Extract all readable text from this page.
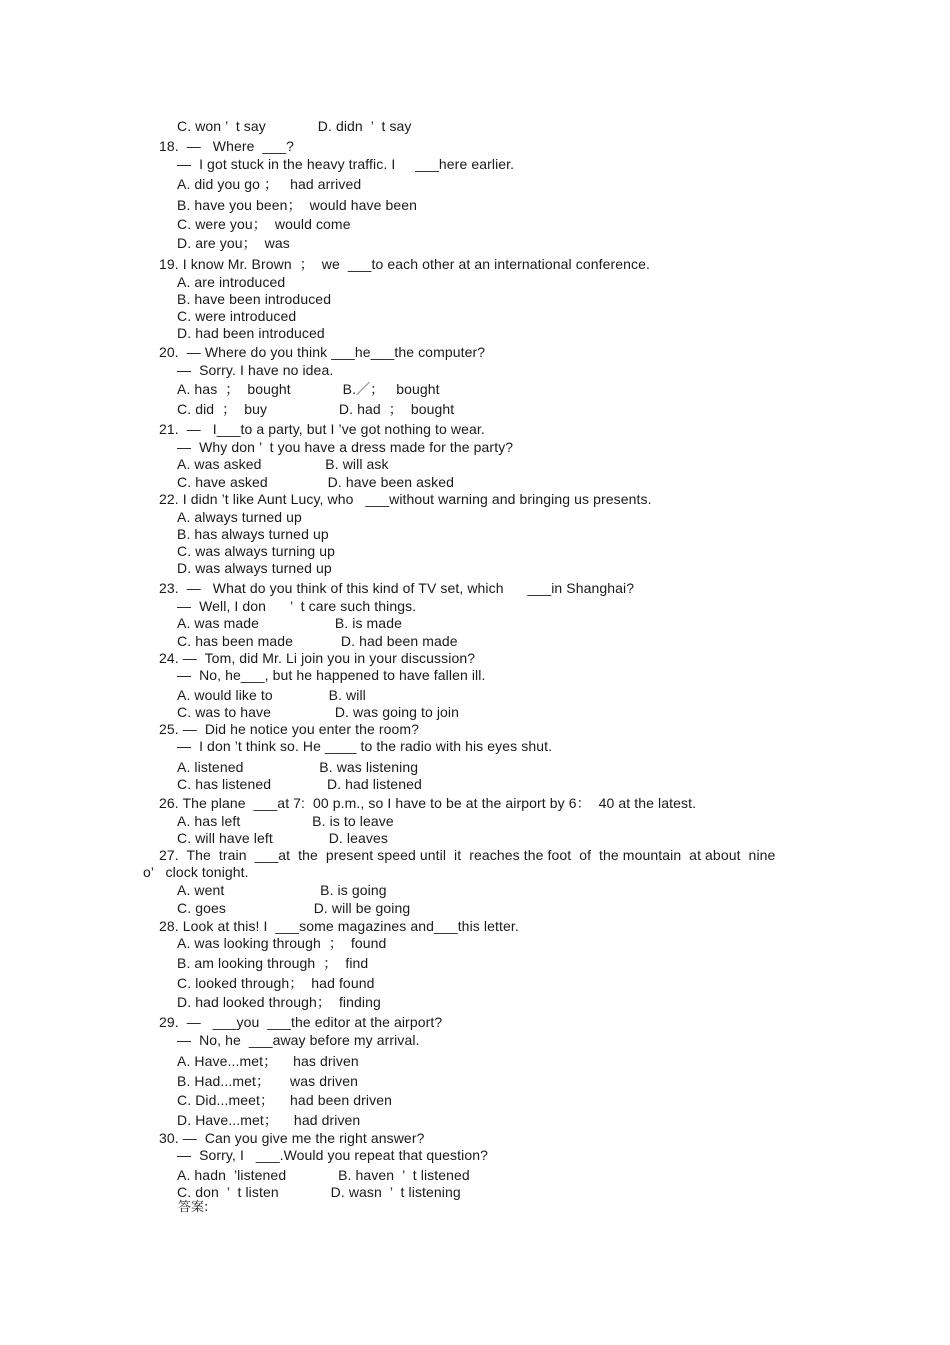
C. won ’  t say             D. didn  ’  t say
18.  —   Where  ___?
—  I got stuck in the heavy traffic. I     ___here earlier.
A. did you go ；   had arrived
B. have you been；  would have been
C. were you；  would come
D. are you；  was
19. I know Mr. Brown  ；  we  ___to each other at an international conference.
A. are introduced
B. have been introduced
C. were introduced
D. had been introduced
20.  — Where do you think ___he___the computer?
—  Sorry. I have no idea.
A. has  ；  bought             B.／；   bought
C. did  ；  buy                  D. had  ；  bought
21.  —   I___to a party, but I ’ve got nothing to wear.
—  Why don ’  t you have a dress made for the party?
A. was asked                B. will ask
C. have asked               D. have been asked
22. I didn ’t like Aunt Lucy, who   ___without warning and bringing us presents.
A. always turned up
B. has always turned up
C. was always turning up
D. was always turned up
23.  —   What do you think of this kind of TV set, which      ___in Shanghai?
—  Well, I don      ’  t care such things.
A. was made                   B. is made
C. has been made            D. had been made
24. —  Tom, did Mr. Li join you in your discussion?
—  No, he___, but he happened to have fallen ill.
A. would like to              B. will
C. was to have                D. was going to join
25. —  Did he notice you enter the room?
—  I don ’t think so. He ____ to the radio with his eyes shut.
A. listened                   B. was listening
C. has listened              D. had listened
26. The plane  ___at 7:  00 p.m., so I have to be at the airport by 6：  40 at the latest.
A. has left                  B. is to leave
C. will have left              D. leaves
27.  The  train  ___at  the  present speed until  it  reaches the foot  of  the mountain  at about  nine
o’   clock tonight.
A. went                        B. is going
C. goes                      D. will be going
28. Look at this! I  ___some magazines and___this letter.
A. was looking through  ；  found
B. am looking through  ；  find
C. looked through；  had found
D. had looked through；  finding
29.  —   ___you  ___the editor at the airport?
—  No, he  ___away before my arrival.
A. Have...met；    has driven
B. Had...met；     was driven
C. Did...meet；    had been driven
D. Have...met；    had driven
30. —  Can you give me the right answer?
—  Sorry, I   ___.Would you repeat that question?
A. hadn  ’listened             B. haven  ’  t listened
C. don  ’  t listen             D. wasn  ’  t listening
答案:
